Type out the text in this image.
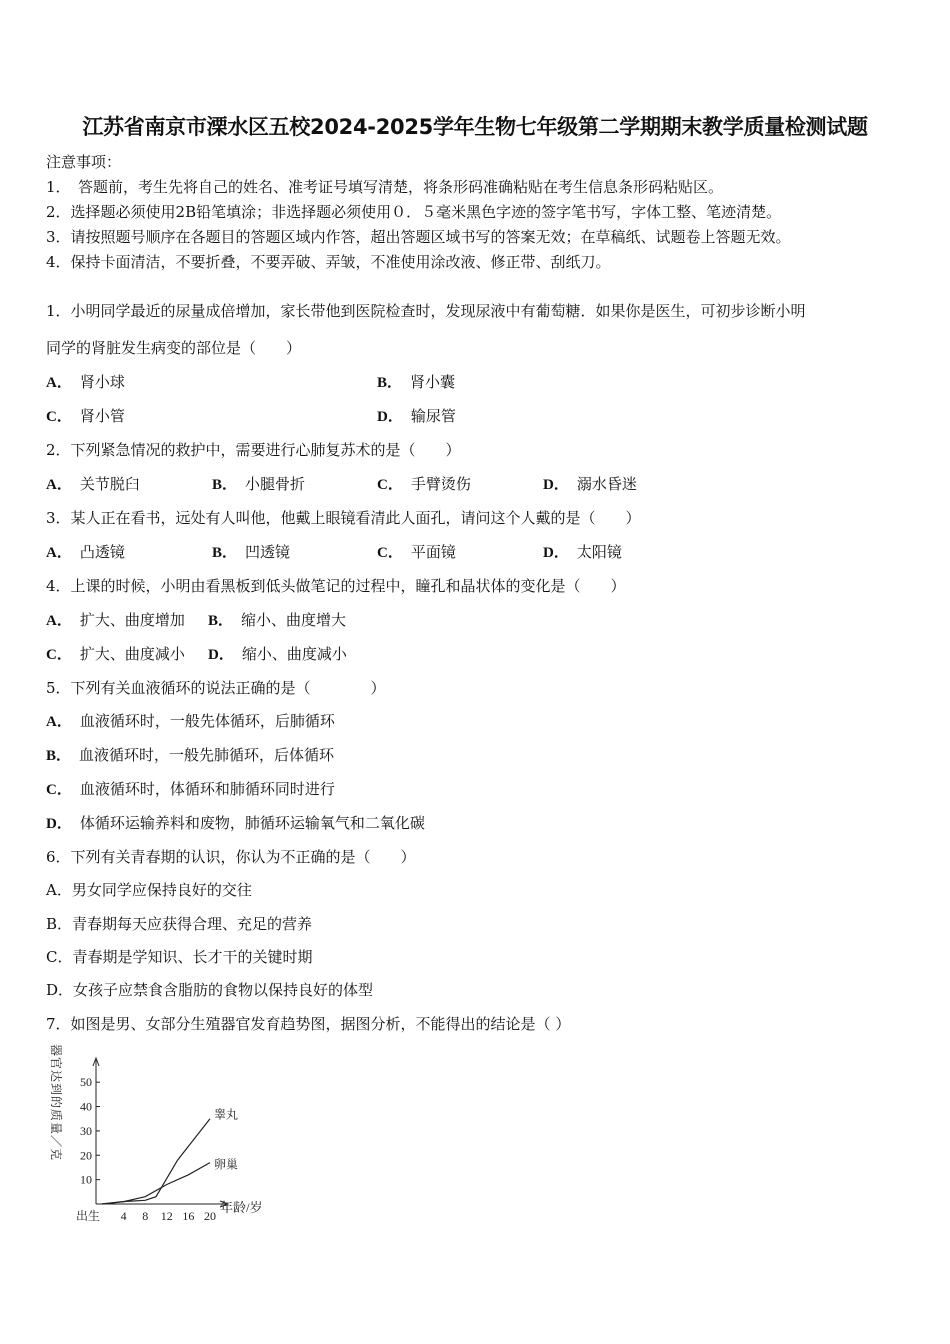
江苏省南京市溧水区五校2024-2025学年生物七年级第二学期期末教学质量检测试题
注意事项：
1．　答题前，考生先将自己的姓名、准考证号填写清楚，将条形码准确粘贴在考生信息条形码粘贴区。
2．选择题必须使用2B铅笔填涂；非选择题必须使用０．５毫米黑色字迹的签字笔书写，字体工整、笔迹清楚。
3．请按照题号顺序在各题目的答题区域内作答，超出答题区域书写的答案无效；在草稿纸、试题卷上答题无效。
4．保持卡面清洁，不要折叠，不要弄破、弄皱，不准使用涂改液、修正带、刮纸刀。
1．小明同学最近的尿量成倍增加，家长带他到医院检查时，发现尿液中有葡萄糖．如果你是医生，可初步诊断小明
同学的肾脏发生病变的部位是（　　）
A． 肾小球	B． 肾小囊
C． 肾小管	D． 输尿管
2．下列紧急情况的救护中，需要进行心肺复苏术的是（　　）
A． 关节脱臼	B． 小腿骨折	C． 手臂烫伤	D． 溺水昏迷
3．某人正在看书，远处有人叫他，他戴上眼镜看清此人面孔，请问这个人戴的是（　　）
A． 凸透镜	B． 凹透镜	C． 平面镜	D． 太阳镜
4．上课的时候，小明由看黑板到低头做笔记的过程中，瞳孔和晶状体的变化是（　　）
A． 扩大、曲度增加 B． 缩小、曲度增大
C． 扩大、曲度减小 D． 缩小、曲度减小
5．下列有关血液循环的说法正确的是（　　　　）
A． 血液循环时，一般先体循环，后肺循环
B． 血液循环时，一般先肺循环，后体循环
C． 血液循环时，体循环和肺循环同时进行
D． 体循环运输养料和废物，肺循环运输氧气和二氧化碳
6．下列有关青春期的认识，你认为不正确的是（　　）
A．男女同学应保持良好的交往
B．青春期每天应获得合理、充足的营养
C．青春期是学知识、长才干的关键时期
D．女孩子应禁食含脂肪的食物以保持良好的体型
7．如图是男、女部分生殖器官发育趋势图，据图分析，不能得出的结论是（ ）
器官达到的质量／克
年龄/岁
10
20
30
40
50
出生 4 8 12 16 20
睾丸
卵巢
